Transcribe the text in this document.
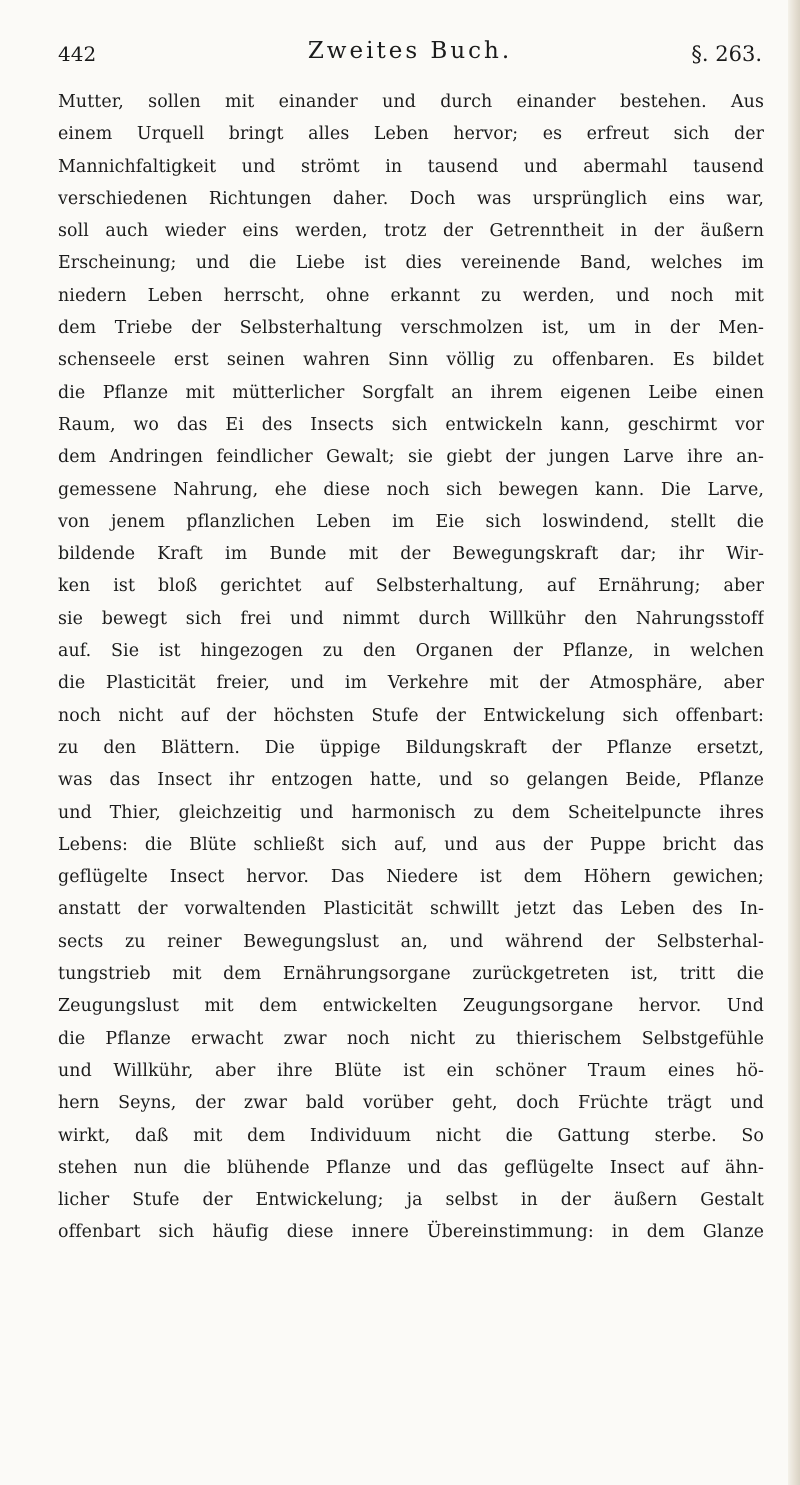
442	Zweites Buch.	§. 263.
Mutter, sollen mit einander und durch einander bestehen. Aus
einem Urquell bringt alles Leben hervor; es erfreut sich der
Mannichfaltigkeit und strömt in tausend und abermahl tausend
verschiedenen Richtungen daher. Doch was ursprünglich eins war,
soll auch wieder eins werden, trotz der Getrenntheit in der äußern
Erscheinung; und die Liebe ist dies vereinende Band, welches im
niedern Leben herrscht, ohne erkannt zu werden, und noch mit
dem Triebe der Selbsterhaltung verschmolzen ist, um in der Men-
schenseele erst seinen wahren Sinn völlig zu offenbaren. Es bildet
die Pflanze mit mütterlicher Sorgfalt an ihrem eigenen Leibe einen
Raum, wo das Ei des Insects sich entwickeln kann, geschirmt vor
dem Andringen feindlicher Gewalt; sie giebt der jungen Larve ihre an-
gemessene Nahrung, ehe diese noch sich bewegen kann. Die Larve,
von jenem pflanzlichen Leben im Eie sich loswindend, stellt die
bildende Kraft im Bunde mit der Bewegungskraft dar; ihr Wir-
ken ist bloß gerichtet auf Selbsterhaltung, auf Ernährung; aber
sie bewegt sich frei und nimmt durch Willkühr den Nahrungsstoff
auf. Sie ist hingezogen zu den Organen der Pflanze, in welchen
die Plasticität freier, und im Verkehre mit der Atmosphäre, aber
noch nicht auf der höchsten Stufe der Entwickelung sich offenbart:
zu den Blättern. Die üppige Bildungskraft der Pflanze ersetzt,
was das Insect ihr entzogen hatte, und so gelangen Beide, Pflanze
und Thier, gleichzeitig und harmonisch zu dem Scheitelpuncte ihres
Lebens: die Blüte schließt sich auf, und aus der Puppe bricht das
geflügelte Insect hervor. Das Niedere ist dem Höhern gewichen;
anstatt der vorwaltenden Plasticität schwillt jetzt das Leben des In-
sects zu reiner Bewegungslust an, und während der Selbsterhal-
tungstrieb mit dem Ernährungsorgane zurückgetreten ist, tritt die
Zeugungslust mit dem entwickelten Zeugungsorgane hervor. Und
die Pflanze erwacht zwar noch nicht zu thierischem Selbstgefühle
und Willkühr, aber ihre Blüte ist ein schöner Traum eines hö-
hern Seyns, der zwar bald vorüber geht, doch Früchte trägt und
wirkt, daß mit dem Individuum nicht die Gattung sterbe. So
stehen nun die blühende Pflanze und das geflügelte Insect auf ähn-
licher Stufe der Entwickelung; ja selbst in der äußern Gestalt
offenbart sich häufig diese innere Übereinstimmung: in dem Glanze
